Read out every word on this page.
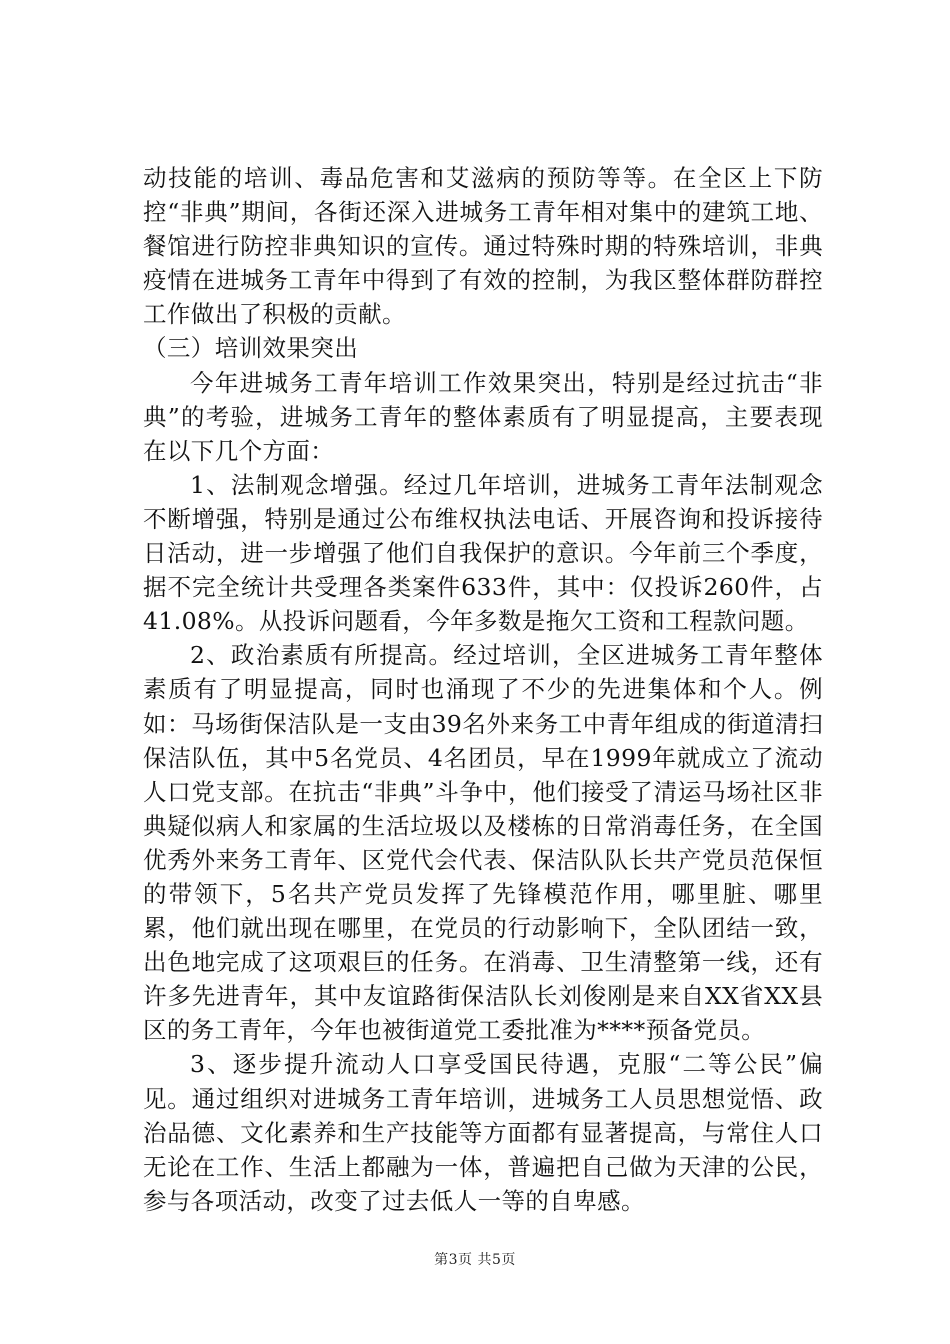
动技能的培训、毒品危害和艾滋病的预防等等。在全区上下防控“非典”期间，各街还深入进城务工青年相对集中的建筑工地、餐馆进行防控非典知识的宣传。通过特殊时期的特殊培训，非典疫情在进城务工青年中得到了有效的控制，为我区整体群防群控工作做出了积极的贡献。

（三）培训效果突出

今年进城务工青年培训工作效果突出，特别是经过抗击“非典”的考验，进城务工青年的整体素质有了明显提高，主要表现在以下几个方面：

1、法制观念增强。经过几年培训，进城务工青年法制观念不断增强，特别是通过公布维权执法电话、开展咨询和投诉接待日活动，进一步增强了他们自我保护的意识。今年前三个季度，据不完全统计共受理各类案件633件，其中：仅投诉260件，占41.08%。从投诉问题看，今年多数是拖欠工资和工程款问题。

2、政治素质有所提高。经过培训，全区进城务工青年整体素质有了明显提高，同时也涌现了不少的先进集体和个人。例如：马场街保洁队是一支由39名外来务工中青年组成的街道清扫保洁队伍，其中5名党员、4名团员，早在1999年就成立了流动人口党支部。在抗击“非典”斗争中，他们接受了清运马场社区非典疑似病人和家属的生活垃圾以及楼栋的日常消毒任务，在全国优秀外来务工青年、区党代会代表、保洁队队长共产党员范保恒的带领下，5名共产党员发挥了先锋模范作用，哪里脏、哪里累，他们就出现在哪里，在党员的行动影响下，全队团结一致，出色地完成了这项艰巨的任务。在消毒、卫生清整第一线，还有许多先进青年，其中友谊路街保洁队长刘俊刚是来自XX省XX县区的务工青年，今年也被街道党工委批准为****预备党员。

3、逐步提升流动人口享受国民待遇，克服“二等公民”偏见。通过组织对进城务工青年培训，进城务工人员思想觉悟、政治品德、文化素养和生产技能等方面都有显著提高，与常住人口无论在工作、生活上都融为一体，普遍把自己做为天津的公民，参与各项活动，改变了过去低人一等的自卑感。

第3页 共5页
